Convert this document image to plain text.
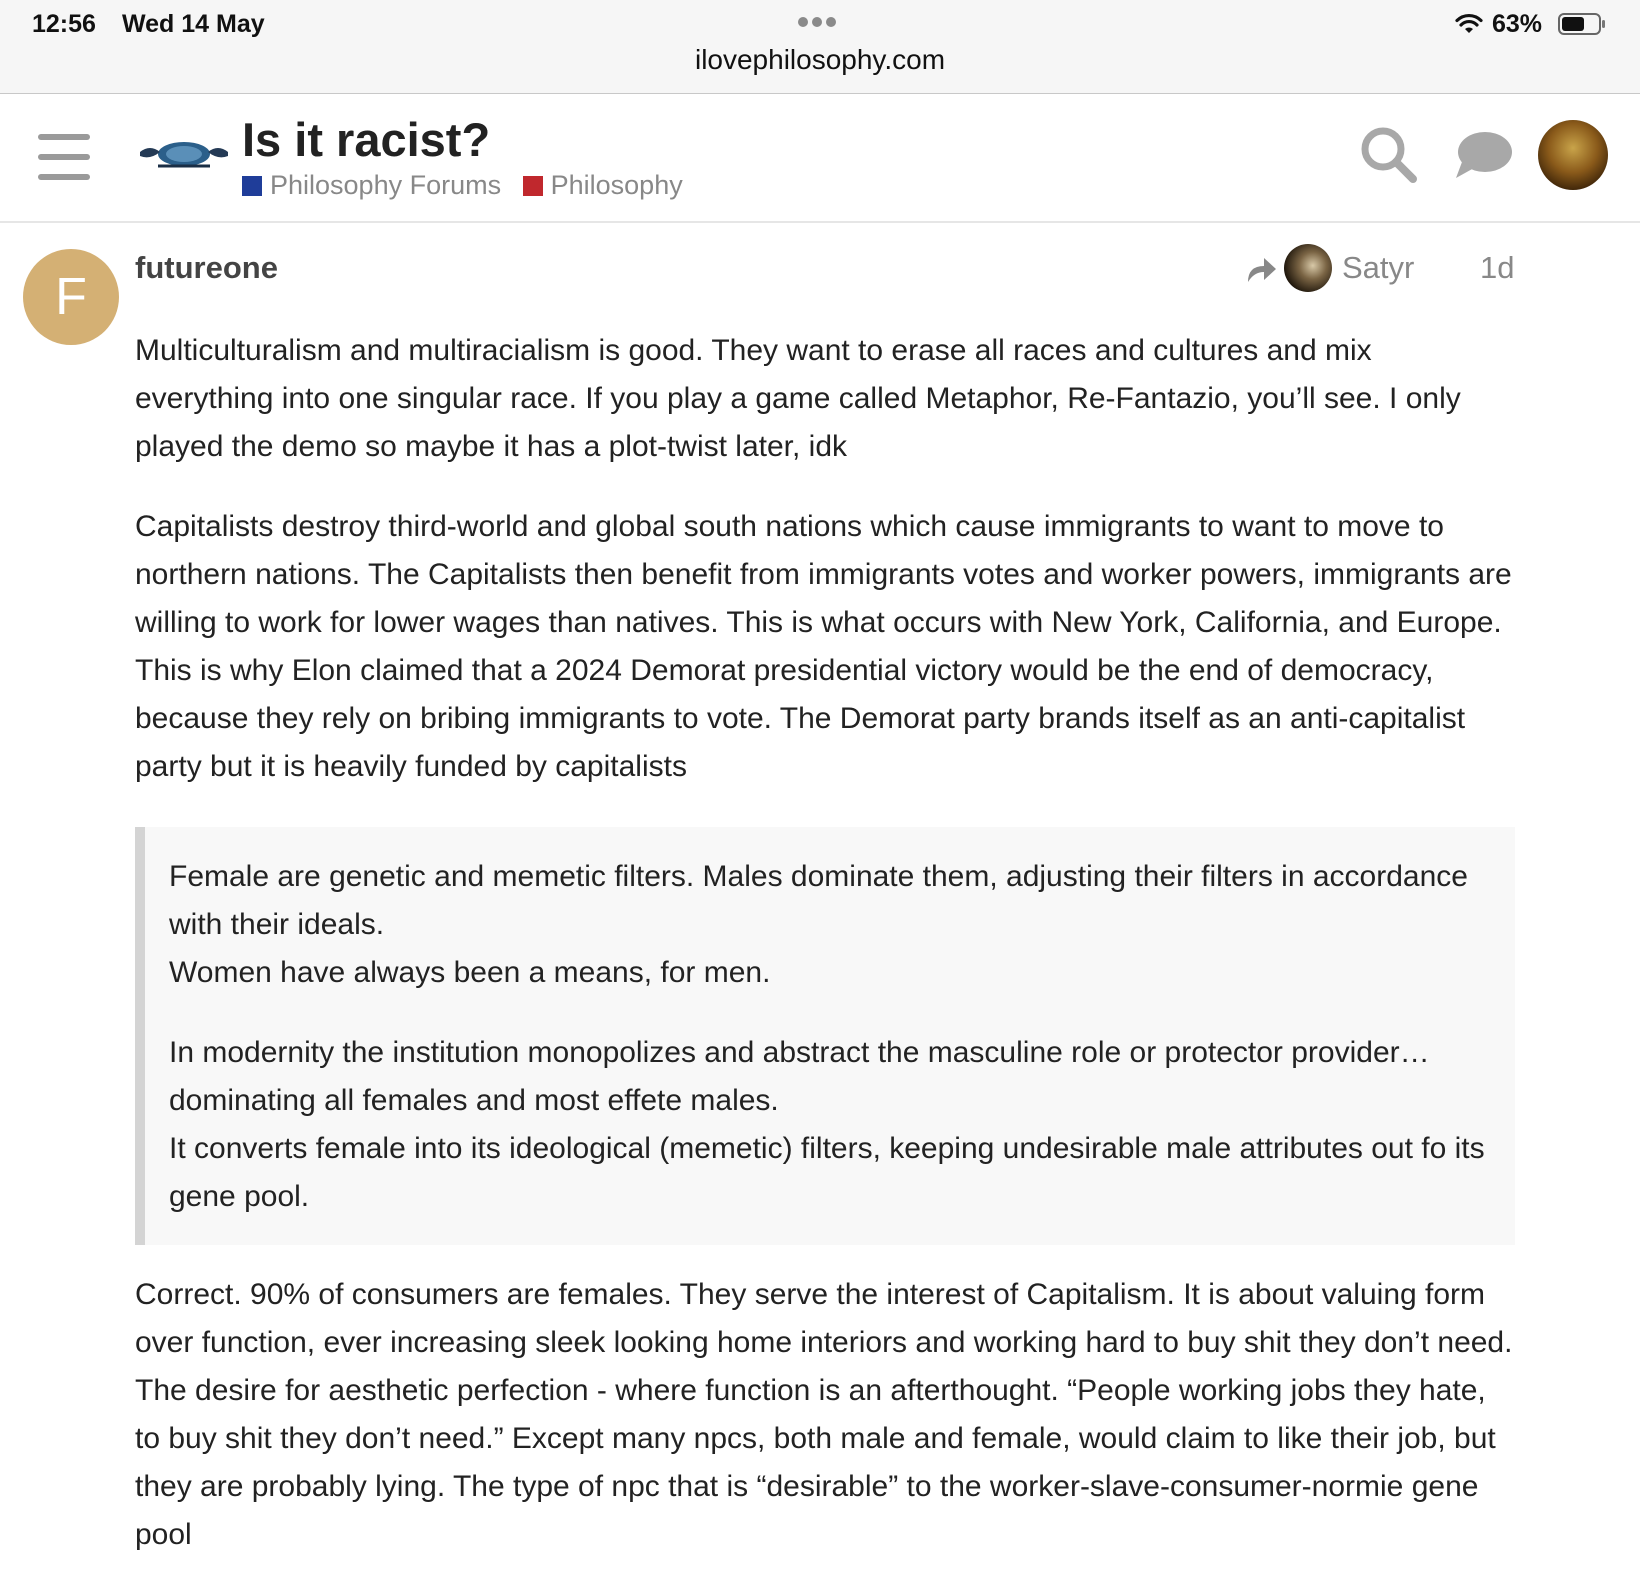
12:56 Wed 14 May
ilovephilosophy.com
63%
Is it racist?
Philosophy Forums Philosophy
F
futureone	Satyr 1d

Multiculturalism and multiracialism is good. They want to erase all races and cultures and mix everything into one singular race. If you play a game called Metaphor, Re-Fantazio, you’ll see. I only played the demo so maybe it has a plot-twist later, idk

Capitalists destroy third-world and global south nations which cause immigrants to want to move to northern nations. The Capitalists then benefit from immigrants votes and worker powers, immigrants are willing to work for lower wages than natives. This is what occurs with New York, California, and Europe. This is why Elon claimed that a 2024 Demorat presidential victory would be the end of democracy, because they rely on bribing immigrants to vote. The Demorat party brands itself as an anti-capitalist party but it is heavily funded by capitalists

Female are genetic and memetic filters. Males dominate them, adjusting their filters in accordance with their ideals.
Women have always been a means, for men.

In modernity the institution monopolizes and abstract the masculine role or protector provider…dominating all females and most effete males.
It converts female into its ideological (memetic) filters, keeping undesirable male attributes out fo its gene pool.

Correct. 90% of consumers are females. They serve the interest of Capitalism. It is about valuing form over function, ever increasing sleek looking home interiors and working hard to buy shit they don’t need. The desire for aesthetic perfection - where function is an afterthought. “People working jobs they hate, to buy shit they don’t need.” Except many npcs, both male and female, would claim to like their job, but they are probably lying. The type of npc that is “desirable” to the worker-slave-consumer-normie gene pool
